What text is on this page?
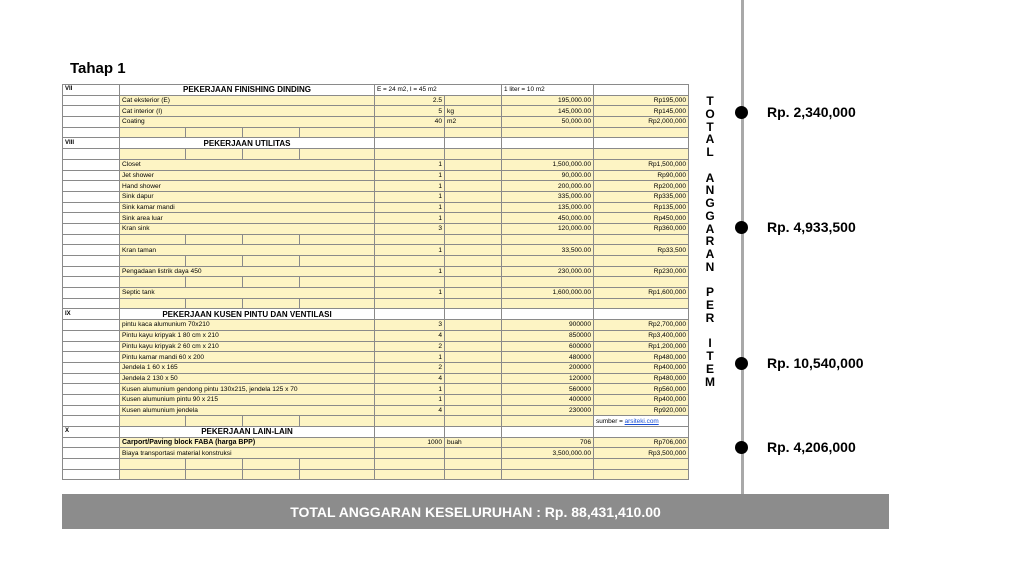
Tahap 1
VII	PEKERJAAN FINISHING DINDING				E = 24 m2, I = 45 m2		1 liter = 10 m2	
	Cat eksterior (E)				2.5		195,000.00	Rp195,000
	Cat interior (I)				5	kg	145,000.00	Rp145,000
	Coating				40	m2	50,000.00	Rp2,000,000

VIII	PEKERJAAN UTILITAS							

	Closet				1		1,500,000.00	Rp1,500,000
	Jet shower				1		90,000.00	Rp90,000
	Hand shower				1		200,000.00	Rp200,000
	Sink dapur				1		335,000.00	Rp335,000
	Sink kamar mandi				1		135,000.00	Rp135,000
	Sink area luar				1		450,000.00	Rp450,000
	Kran sink				3		120,000.00	Rp360,000

	Kran taman				1		33,500.00	Rp33,500

	Pengadaan listrik daya 450				1		230,000.00	Rp230,000

	Septic tank				1		1,600,000.00	Rp1,600,000

IX	PEKERJAAN KUSEN PINTU DAN VENTILASI							
	pintu kaca alumunium 70x210				3		900000	Rp2,700,000
	Pintu kayu kripyak 1 80 cm x 210				4		850000	Rp3,400,000
	Pintu kayu kripyak 2 60 cm x 210				2		600000	Rp1,200,000
	Pintu kamar mandi 60 x 200				1		480000	Rp480,000
	Jendela 1 60 x 165				2		200000	Rp400,000
	Jendela 2 130 x 50				4		120000	Rp480,000
	Kusen alumunium gendong pintu 130x215, jendela 125 x 70				1		560000	Rp560,000
	Kusen alumunium pintu 90 x 215				1		400000	Rp400,000
	Kusen alumunium jendela				4		230000	Rp920,000
								sumber = arsiteki.com
X	PEKERJAAN LAIN-LAIN							
	Carport/Paving block FABA (harga BPP)				1000	buah	706	Rp706,000
	Biaya transportasi material konstruksi						3,500,000.00	Rp3,500,000

T
O
T
A
L

A
N
G
G
A
R
A
N

P
E
R

I
T
E
M
Rp. 2,340,000
Rp. 4,933,500
Rp. 10,540,000
Rp. 4,206,000
TOTAL ANGGARAN KESELURUHAN : Rp. 88,431,410.00
